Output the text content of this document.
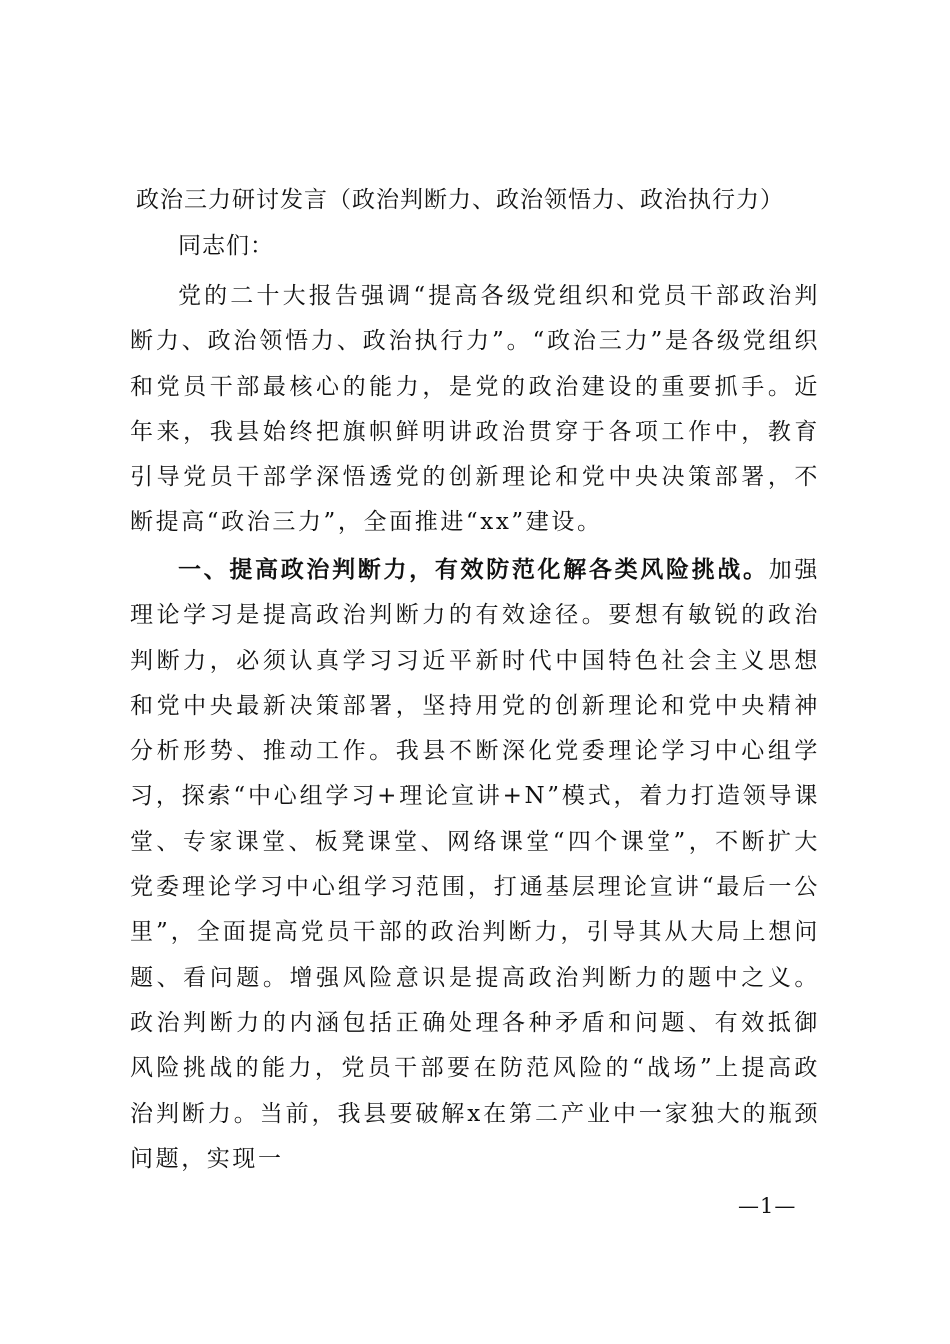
政治三力研讨发言（政治判断力、政治领悟力、政治执行力）
同志们：
党的二十大报告强调“提高各级党组织和党员干部政治判断力、政治领悟力、政治执行力”。“政治三力”是各级党组织和党员干部最核心的能力，是党的政治建设的重要抓手。近年来，我县始终把旗帜鲜明讲政治贯穿于各项工作中，教育引导党员干部学深悟透党的创新理论和党中央决策部署，不断提高“政治三力”，全面推进“xx”建设。
一、提高政治判断力，有效防范化解各类风险挑战。加强理论学习是提高政治判断力的有效途径。要想有敏锐的政治判断力，必须认真学习习近平新时代中国特色社会主义思想和党中央最新决策部署，坚持用党的创新理论和党中央精神分析形势、推动工作。我县不断深化党委理论学习中心组学习，探索“中心组学习+理论宣讲+N”模式，着力打造领导课堂、专家课堂、板凳课堂、网络课堂“四个课堂”，不断扩大党委理论学习中心组学习范围，打通基层理论宣讲“最后一公里”，全面提高党员干部的政治判断力，引导其从大局上想问题、看问题。增强风险意识是提高政治判断力的题中之义。政治判断力的内涵包括正确处理各种矛盾和问题、有效抵御风险挑战的能力，党员干部要在防范风险的“战场”上提高政治判断力。当前，我县要破解x在第二产业中一家独大的瓶颈问题，实现一
—1—
